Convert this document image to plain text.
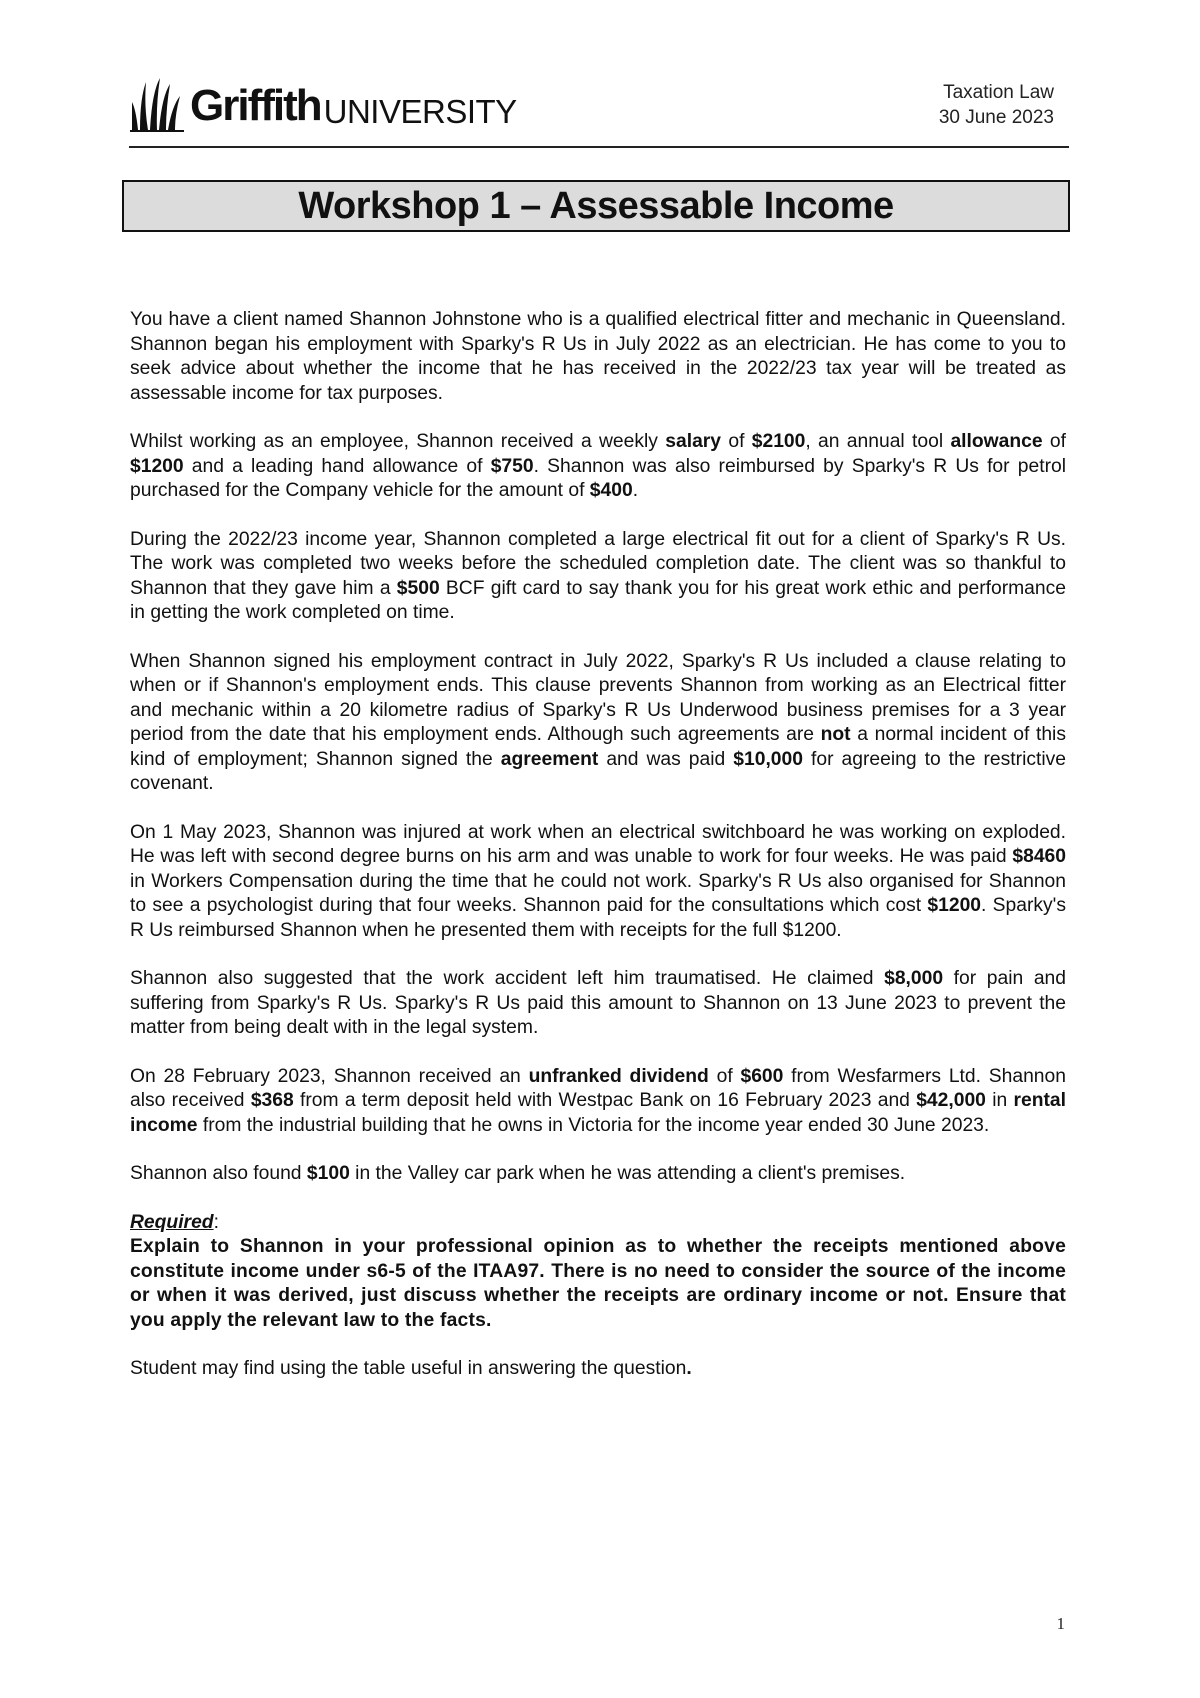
Griffith UNIVERSITY
Taxation Law
30 June 2023
Workshop 1 – Assessable Income

You have a client named Shannon Johnstone who is a qualified electrical fitter and mechanic in Queensland. Shannon began his employment with Sparky's R Us in July 2022 as an electrician. He has come to you to seek advice about whether the income that he has received in the 2022/23 tax year will be treated as assessable income for tax purposes.

Whilst working as an employee, Shannon received a weekly salary of $2100, an annual tool allowance of $1200 and a leading hand allowance of $750. Shannon was also reimbursed by Sparky's R Us for petrol purchased for the Company vehicle for the amount of $400.

During the 2022/23 income year, Shannon completed a large electrical fit out for a client of Sparky's R Us. The work was completed two weeks before the scheduled completion date. The client was so thankful to Shannon that they gave him a $500 BCF gift card to say thank you for his great work ethic and performance in getting the work completed on time.

When Shannon signed his employment contract in July 2022, Sparky's R Us included a clause relating to when or if Shannon's employment ends. This clause prevents Shannon from working as an Electrical fitter and mechanic within a 20 kilometre radius of Sparky's R Us Underwood business premises for a 3 year period from the date that his employment ends. Although such agreements are not a normal incident of this kind of employment; Shannon signed the agreement and was paid $10,000 for agreeing to the restrictive covenant.

On 1 May 2023, Shannon was injured at work when an electrical switchboard he was working on exploded. He was left with second degree burns on his arm and was unable to work for four weeks. He was paid $8460 in Workers Compensation during the time that he could not work. Sparky's R Us also organised for Shannon to see a psychologist during that four weeks. Shannon paid for the consultations which cost $1200. Sparky's R Us reimbursed Shannon when he presented them with receipts for the full $1200.

Shannon also suggested that the work accident left him traumatised. He claimed $8,000 for pain and suffering from Sparky's R Us. Sparky's R Us paid this amount to Shannon on 13 June 2023 to prevent the matter from being dealt with in the legal system.

On 28 February 2023, Shannon received an unfranked dividend of $600 from Wesfarmers Ltd. Shannon also received $368 from a term deposit held with Westpac Bank on 16 February 2023 and $42,000 in rental income from the industrial building that he owns in Victoria for the income year ended 30 June 2023.

Shannon also found $100 in the Valley car park when he was attending a client's premises.

Required:

Explain to Shannon in your professional opinion as to whether the receipts mentioned above constitute income under s6-5 of the ITAA97. There is no need to consider the source of the income or when it was derived, just discuss whether the receipts are ordinary income or not. Ensure that you apply the relevant law to the facts.

Student may find using the table useful in answering the question.

1
